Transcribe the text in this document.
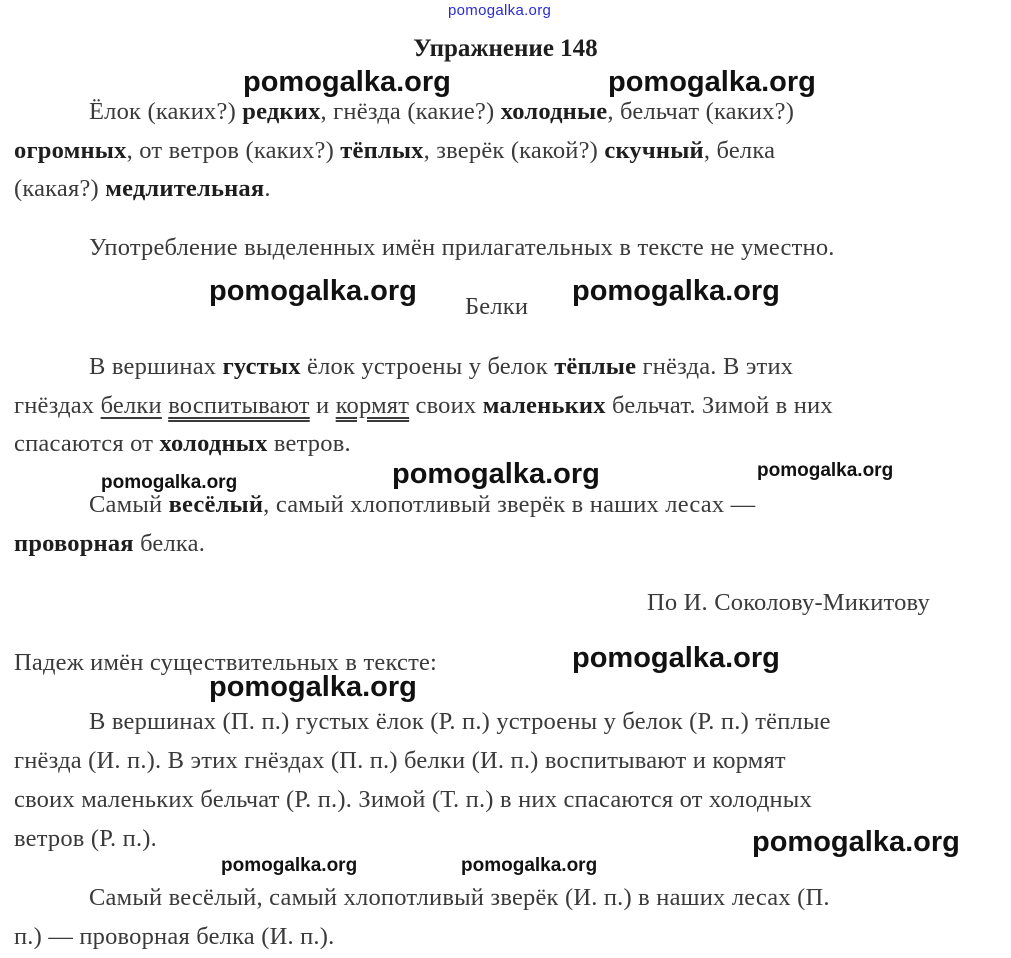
pomogalka.org
pomogalka.org	pomogalka.org
pomogalka.org	pomogalka.org
pomogalka.org	pomogalka.org	pomogalka.org
pomogalka.org
pomogalka.org
pomogalka.org
pomogalka.org	pomogalka.org
Упражнение 148
Ёлок (каких?) редких, гнёзда (какие?) холодные, бельчат (каких?)
огромных, от ветров (каких?) тёплых, зверёк (какой?) скучный, белка
(какая?) медлительная.
Употребление выделенных имён прилагательных в тексте не уместно.
Белки
В вершинах густых ёлок устроены у белок тёплые гнёзда. В этих
гнёздах белки воспитывают и кормят своих маленьких бельчат. Зимой в них
спасаются от холодных ветров.
Самый весёлый, самый хлопотливый зверёк в наших лесах —
проворная белка.
По И. Соколову-Микитову
Падеж имён существительных в тексте:
В вершинах (П. п.) густых ёлок (Р. п.) устроены у белок (Р. п.) тёплые
гнёзда (И. п.). В этих гнёздах (П. п.) белки (И. п.) воспитывают и кормят
своих маленьких бельчат (Р. п.). Зимой (Т. п.) в них спасаются от холодных
ветров (Р. п.).
Самый весёлый, самый хлопотливый зверёк (И. п.) в наших лесах (П.
п.) — проворная белка (И. п.).
